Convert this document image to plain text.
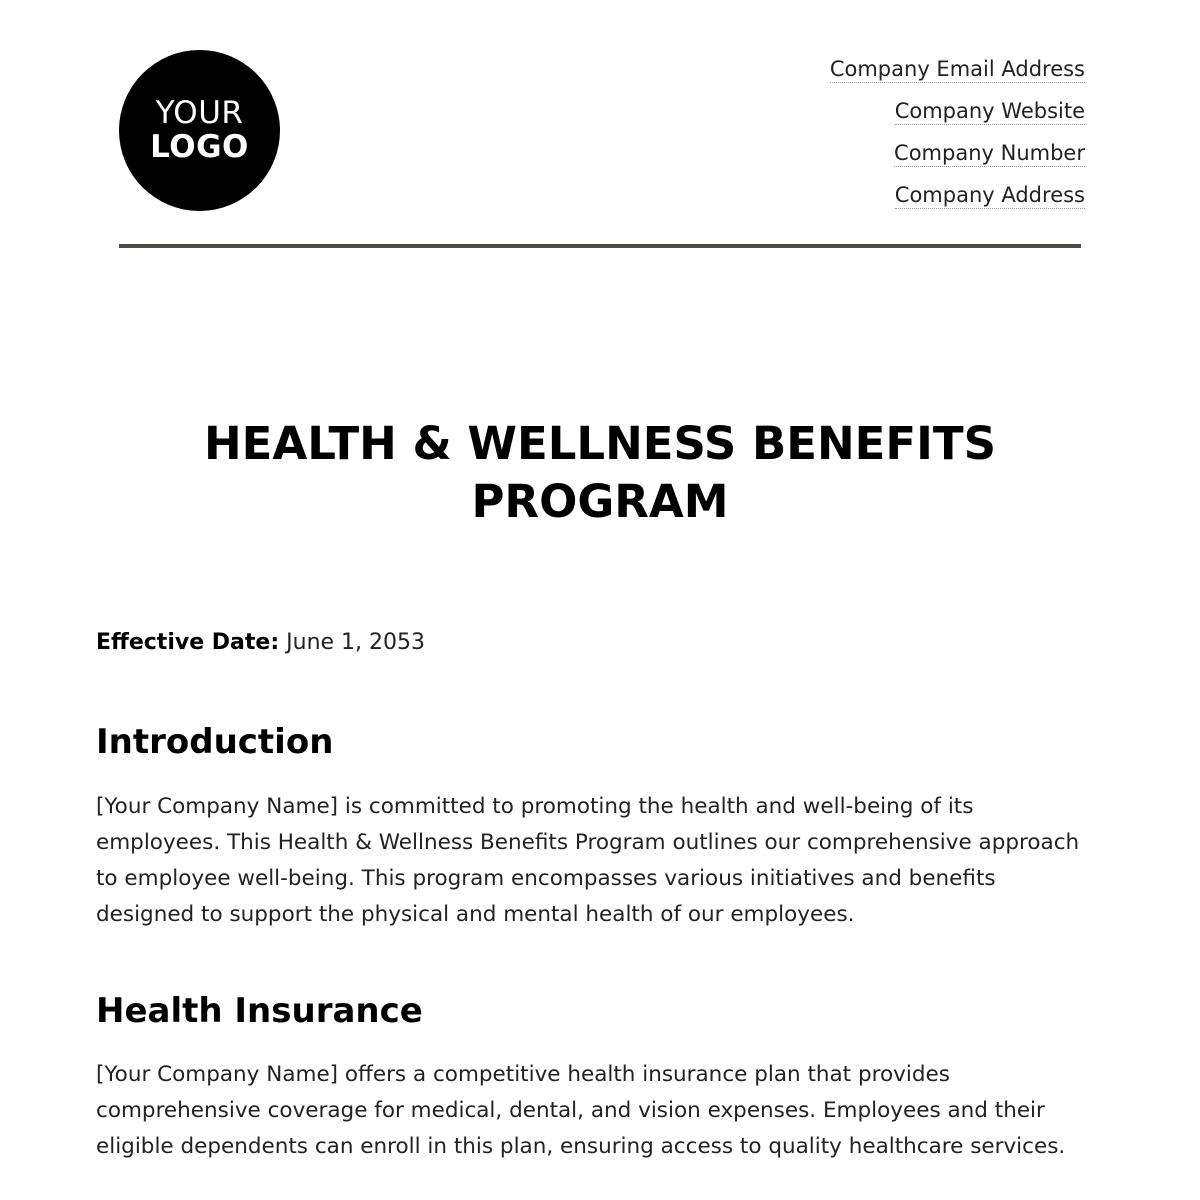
YOUR
LOGO
Company Email Address
Company Website
Company Number
Company Address
HEALTH & WELLNESS BENEFITS PROGRAM

Effective Date: June 1, 2053

Introduction

[Your Company Name] is committed to promoting the health and well-being of its employees. This Health & Wellness Benefits Program outlines our comprehensive approach to employee well-being. This program encompasses various initiatives and benefits designed to support the physical and mental health of our employees.

Health Insurance

[Your Company Name] offers a competitive health insurance plan that provides comprehensive coverage for medical, dental, and vision expenses. Employees and their eligible dependents can enroll in this plan, ensuring access to quality healthcare services.
